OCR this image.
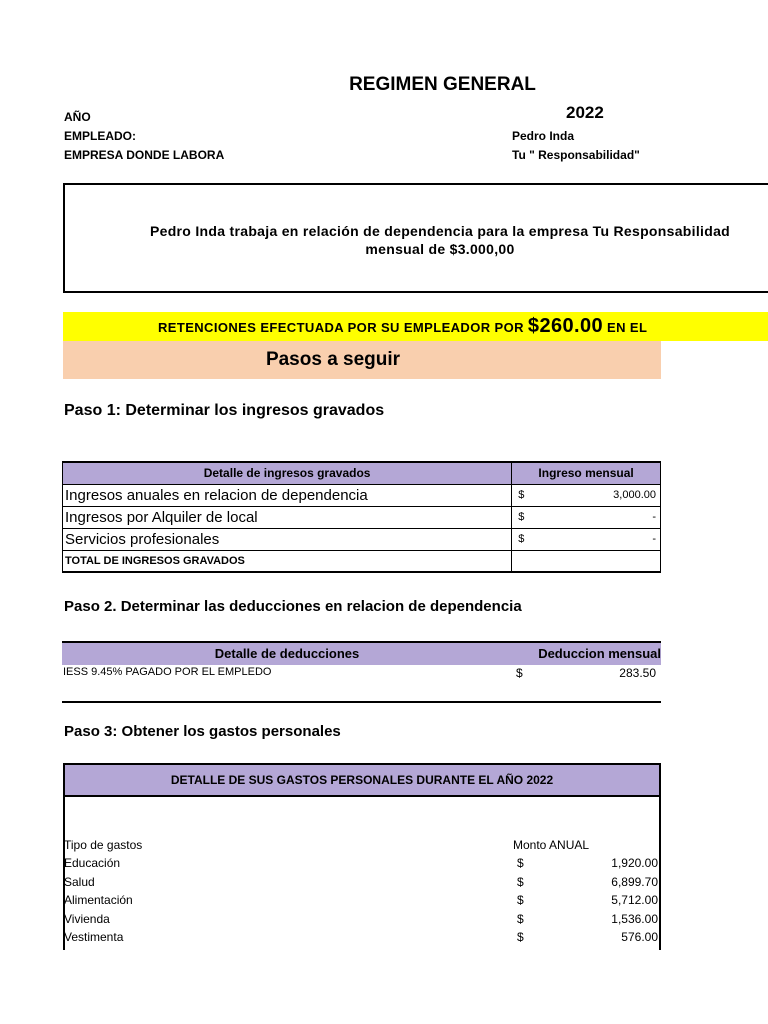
REGIMEN GENERAL
AÑO	2022
EMPLEADO:	Pedro Inda
EMPRESA DONDE LABORA	Tu " Responsabilidad"
Pedro Inda trabaja en relación de dependencia para la empresa Tu Responsabilidad
mensual de $3.000,00
RETENCIONES EFECTUADA POR SU EMPLEADOR POR $260.00 EN EL
Pasos a seguir
Paso 1: Determinar los ingresos gravados
Detalle de ingresos gravados	Ingreso mensual
Ingresos anuales en relacion de dependencia	$ 3,000.00

Ingresos por Alquiler de local	$ -

Servicios profesionales	$ -

TOTAL DE INGRESOS GRAVADOS	
Paso 2. Determinar las deducciones en relacion de dependencia
Detalle de deducciones	Deduccion mensual
IESS 9.45% PAGADO POR EL EMPLEDO	$	283.50
Paso 3: Obtener los gastos personales
DETALLE DE SUS GASTOS PERSONALES DURANTE EL AÑO 2022
Tipo de gastos	Monto ANUAL
Educación	$	1,920.00
Salud	$	6,899.70
Alimentación	$	5,712.00
Vivienda	$	1,536.00
Vestimenta	$	576.00
